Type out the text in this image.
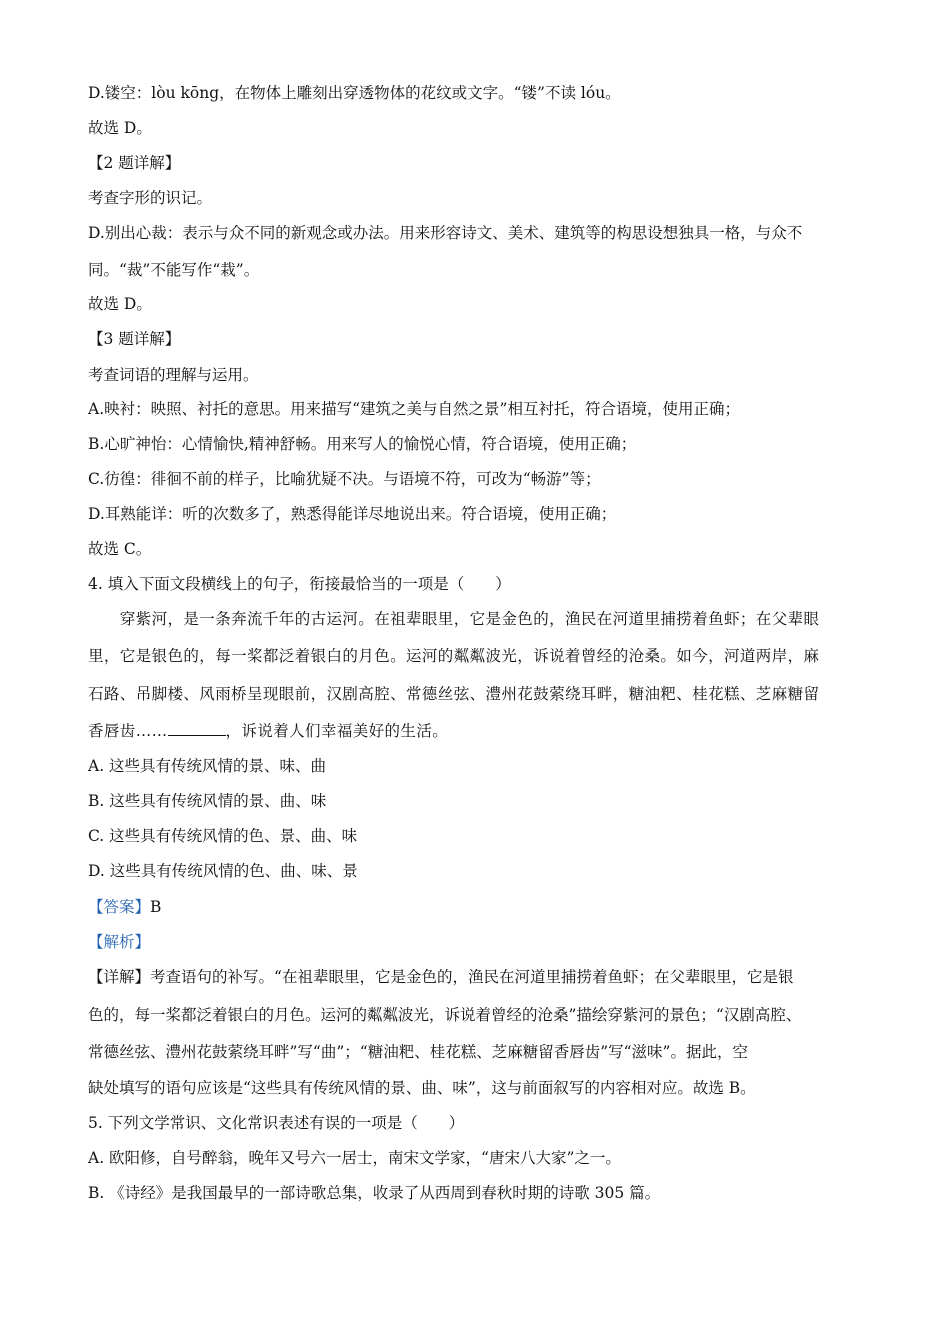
D.镂空：lòu kōng，在物体上雕刻出穿透物体的花纹或文字。“镂”不读 lóu。
故选 D。
【2 题详解】
考查字形的识记。
D.别出心裁：表示与众不同的新观念或办法。用来形容诗文、美术、建筑等的构思设想独具一格，与众不
同。“裁”不能写作“栽”。
故选 D。
【3 题详解】
考查词语的理解与运用。
A.映衬：映照、衬托的意思。用来描写“建筑之美与自然之景”相互衬托，符合语境，使用正确；
B.心旷神怡：心情愉快,精神舒畅。用来写人的愉悦心情，符合语境，使用正确；
C.彷徨：徘徊不前的样子，比喻犹疑不决。与语境不符，可改为“畅游”等；
D.耳熟能详：听的次数多了，熟悉得能详尽地说出来。符合语境，使用正确；
故选 C。
4. 填入下面文段横线上的句子，衔接最恰当的一项是（　　）
　　穿紫河，是一条奔流千年的古运河。在祖辈眼里，它是金色的，渔民在河道里捕捞着鱼虾；在父辈眼
里，它是银色的，每一桨都泛着银白的月色。运河的粼粼波光，诉说着曾经的沧桑。如今，河道两岸，麻
石路、吊脚楼、风雨桥呈现眼前，汉剧高腔、常德丝弦、澧州花鼓萦绕耳畔，糖油粑、桂花糕、芝麻糖留
香唇齿……	，诉说着人们幸福美好的生活。
A. 这些具有传统风情的景、味、曲
B. 这些具有传统风情的景、曲、味
C. 这些具有传统风情的色、景、曲、味
D. 这些具有传统风情的色、曲、味、景
【答案】B
【解析】
【详解】考查语句的补写。“在祖辈眼里，它是金色的，渔民在河道里捕捞着鱼虾；在父辈眼里，它是银
色的，每一桨都泛着银白的月色。运河的粼粼波光，诉说着曾经的沧桑”描绘穿紫河的景色；“汉剧高腔、
常德丝弦、澧州花鼓萦绕耳畔”写“曲”；“糖油粑、桂花糕、芝麻糖留香唇齿”写“滋味”。据此，空
缺处填写的语句应该是“这些具有传统风情的景、曲、味”，这与前面叙写的内容相对应。故选 B。
5. 下列文学常识、文化常识表述有误的一项是（　　）
A. 欧阳修，自号醉翁，晚年又号六一居士，南宋文学家，“唐宋八大家”之一。
B. 《诗经》是我国最早的一部诗歌总集，收录了从西周到春秋时期的诗歌 305 篇。
